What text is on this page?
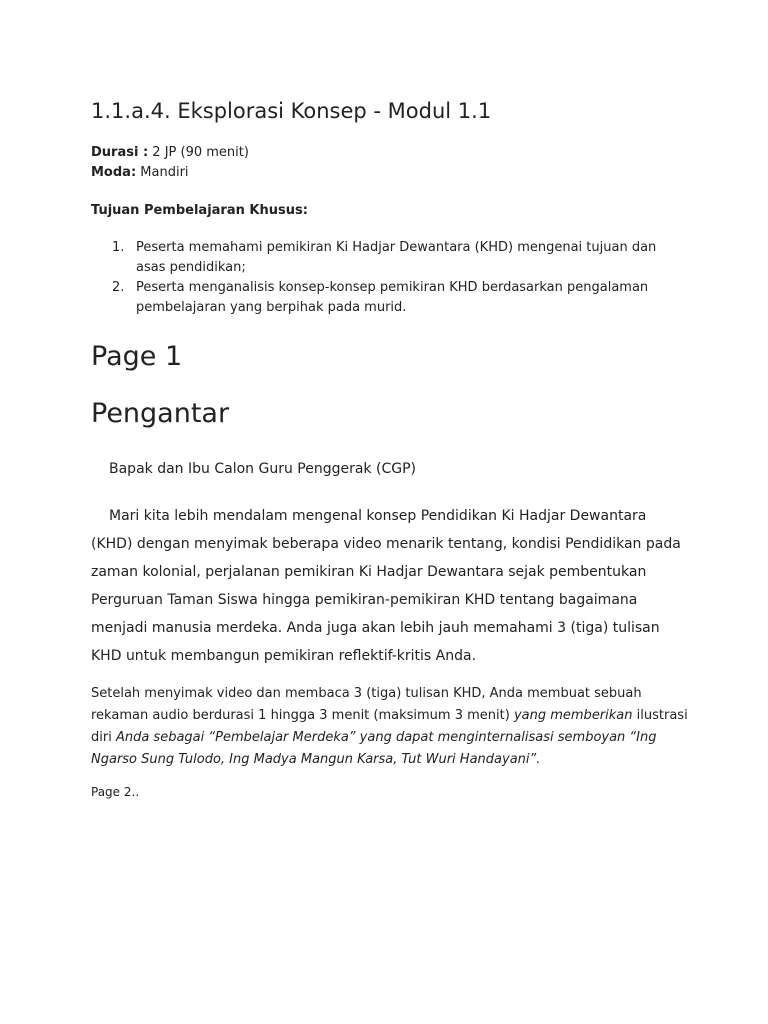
1.1.a.4. Eksplorasi Konsep - Modul 1.1

Durasi : 2 JP (90 menit)

Moda: Mandiri

Tujuan Pembelajaran Khusus:

1. Peserta memahami pemikiran Ki Hadjar Dewantara (KHD) mengenai tujuan dan asas pendidikan;
2. Peserta menganalisis konsep-konsep pemikiran KHD berdasarkan pengalaman pembelajaran yang berpihak pada murid.
Page 1
Pengantar

Bapak dan Ibu Calon Guru Penggerak (CGP)

Mari kita lebih mendalam mengenal konsep Pendidikan Ki Hadjar Dewantara (KHD) dengan menyimak beberapa video menarik tentang, kondisi Pendidikan pada zaman kolonial, perjalanan pemikiran Ki Hadjar Dewantara sejak pembentukan Perguruan Taman Siswa hingga pemikiran-pemikiran KHD tentang bagaimana menjadi manusia merdeka. Anda juga akan lebih jauh memahami 3 (tiga) tulisan KHD untuk membangun pemikiran reflektif-kritis Anda.

Setelah menyimak video dan membaca 3 (tiga) tulisan KHD, Anda membuat sebuah rekaman audio berdurasi 1 hingga 3 menit (maksimum 3 menit) yang memberikan ilustrasi diri Anda sebagai “Pembelajar Merdeka” yang dapat menginternalisasi semboyan “Ing Ngarso Sung Tulodo, Ing Madya Mangun Karsa, Tut Wuri Handayani”.

Page 2..
